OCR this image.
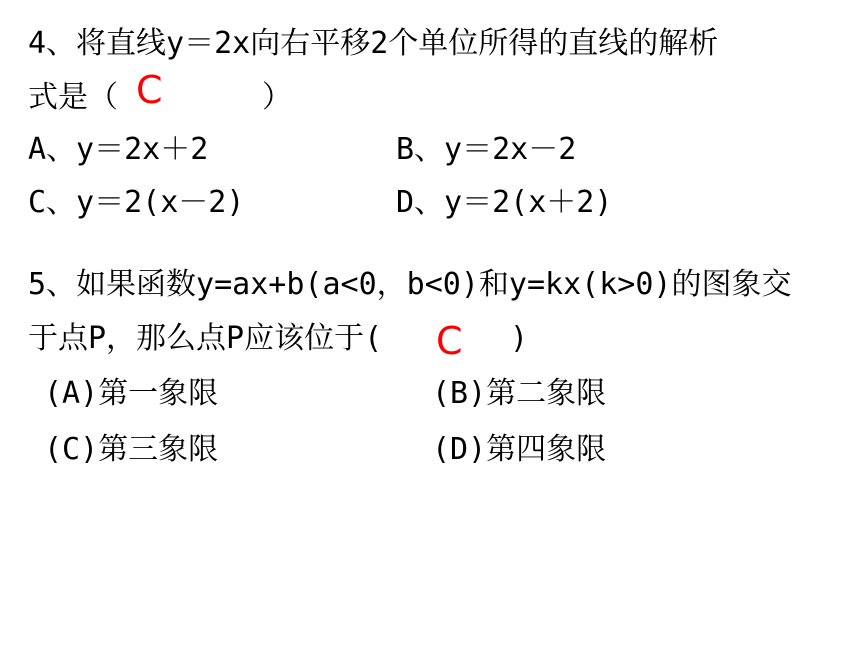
4、将直线y＝2x向右平移2个单位所得的直线的解析
式是（ C	）
A、y＝2x＋2	B、y＝2x－2
C、y＝2(x－2)	D、y＝2(x＋2)
5、如果函数y=ax+b(a<0，b<0)和y=kx(k>0)的图象交
于点P，那么点P应该位于( C )
(A)第一象限	(B)第二象限
(C)第三象限	(D)第四象限
